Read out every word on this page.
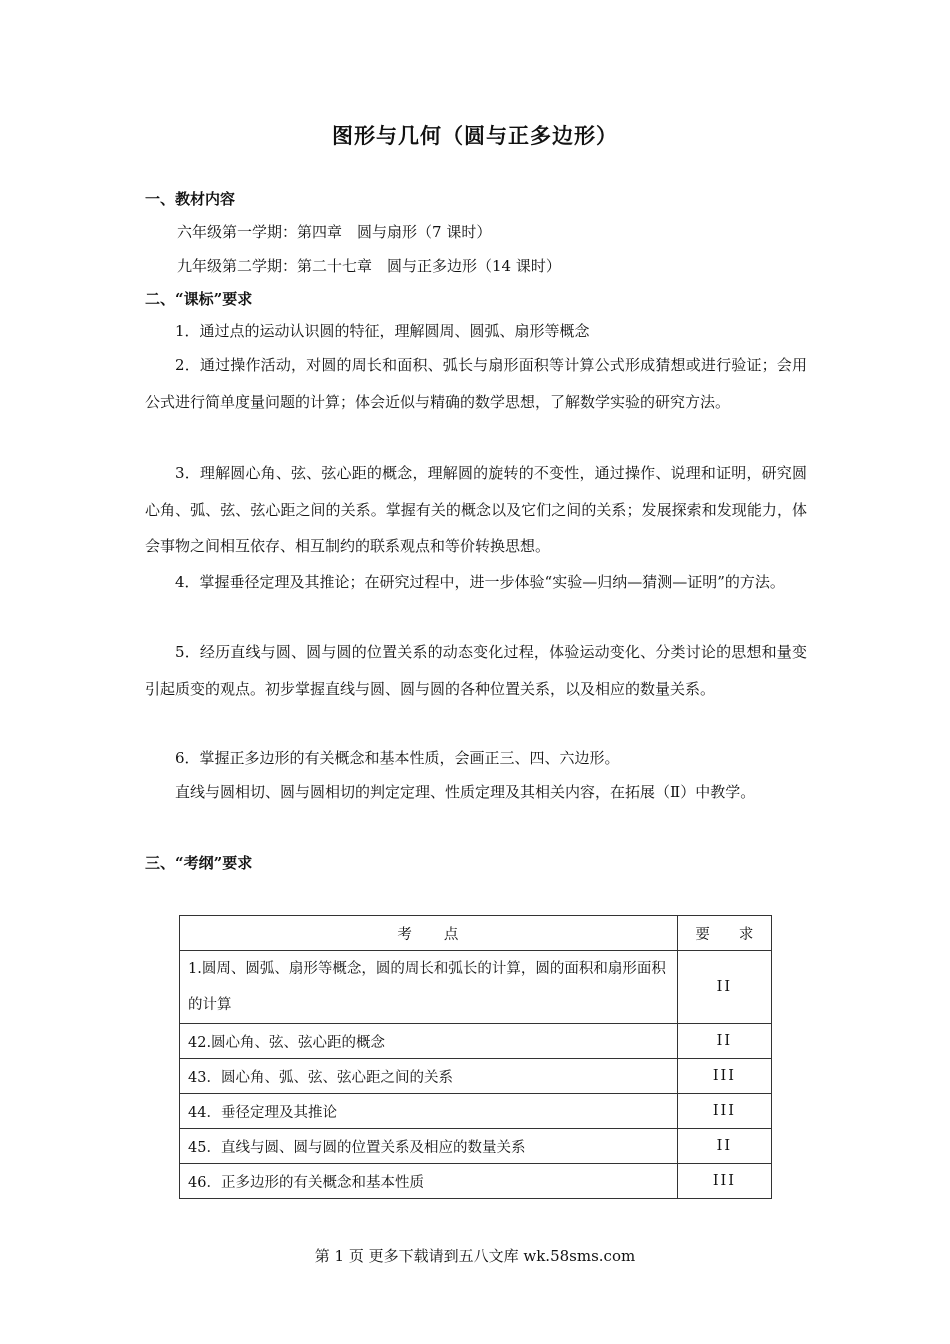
图形与几何（圆与正多边形）
一、教材内容
六年级第一学期：第四章　圆与扇形（7 课时）
九年级第二学期：第二十七章　圆与正多边形（14 课时）
二、“课标”要求
1．通过点的运动认识圆的特征，理解圆周、圆弧、扇形等概念
2．通过操作活动，对圆的周长和面积、弧长与扇形面积等计算公式形成猜想或进行验证；会用公式进行简单度量问题的计算；体会近似与精确的数学思想，了解数学实验的研究方法。
3．理解圆心角、弦、弦心距的概念，理解圆的旋转的不变性，通过操作、说理和证明，研究圆心角、弧、弦、弦心距之间的关系。掌握有关的概念以及它们之间的关系；发展探索和发现能力，体会事物之间相互依存、相互制约的联系观点和等价转换思想。
4．掌握垂径定理及其推论；在研究过程中，进一步体验“实验—归纳—猜测—证明”的方法。
5．经历直线与圆、圆与圆的位置关系的动态变化过程，体验运动变化、分类讨论的思想和量变引起质变的观点。初步掌握直线与圆、圆与圆的各种位置关系，以及相应的数量关系。
6．掌握正多边形的有关概念和基本性质，会画正三、四、六边形。
直线与圆相切、圆与圆相切的判定定理、性质定理及其相关内容，在拓展（Ⅱ）中教学。
三、“考纲”要求
考　　点	要　　求
1.圆周、圆弧、扇形等概念，圆的周长和弧长的计算，圆的面积和扇形面积的计算	II
42.圆心角、弦、弦心距的概念	II
43．圆心角、弧、弦、弦心距之间的关系	III
44．垂径定理及其推论	III
45．直线与圆、圆与圆的位置关系及相应的数量关系	II
46．正多边形的有关概念和基本性质	III
第 1 页 更多下载请到五八文库 wk.58sms.com
